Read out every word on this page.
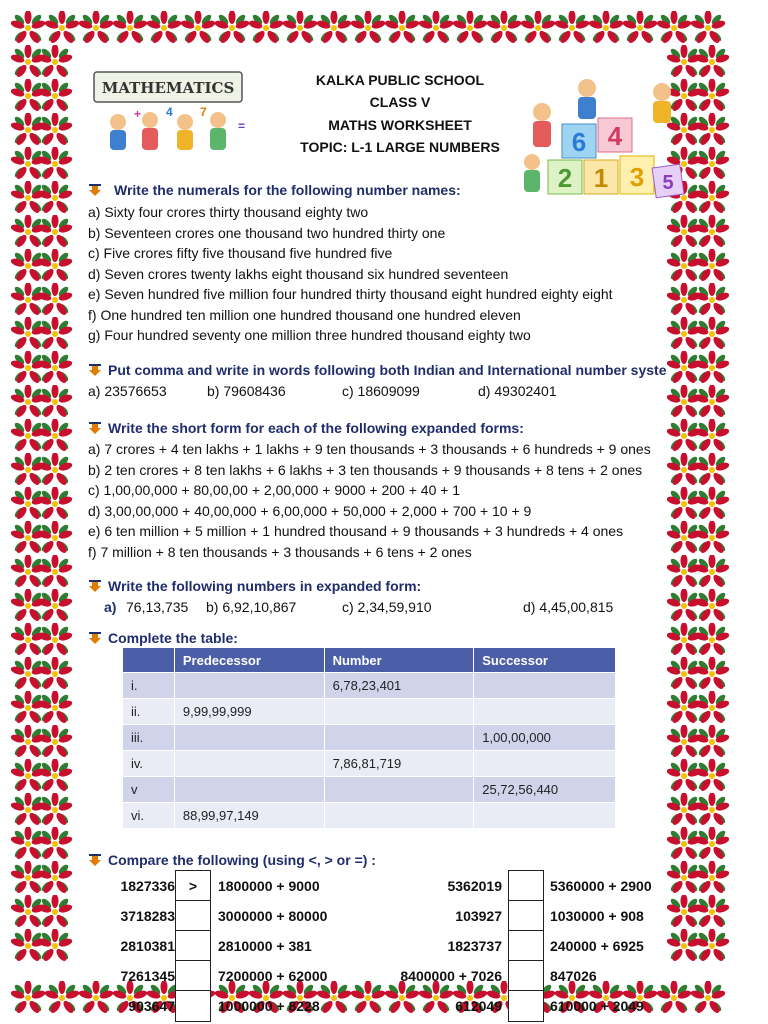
MATHEMATICS
+ 4 7
=
KALKA PUBLIC SCHOOL
CLASS V
MATHS WORKSHEET
TOPIC: L-1 LARGE NUMBERS	6 4
2 1 3 5
Write the numerals for the following number names:
a) Sixty four crores thirty thousand eighty two
b) Seventeen crores one thousand two hundred thirty one
c) Five crores fifty five thousand five hundred five
d) Seven crores twenty lakhs eight thousand six hundred seventeen
e) Seven hundred five million four hundred thirty thousand eight hundred eighty eight
f) One hundred ten million one hundred thousand one hundred eleven
g) Four hundred seventy one million three hundred thousand eighty two
Put comma and write in words following both Indian and International number syste
a) 23576653	b) 79608436	c) 18609099	d) 49302401
Write the short form for each of the following expanded forms:
a) 7 crores + 4 ten lakhs + 1 lakhs + 9 ten thousands + 3 thousands + 6 hundreds + 9 ones
b) 2 ten crores + 8 ten lakhs + 6 lakhs + 3 ten thousands + 9 thousands + 8 tens + 2 ones
c) 1,00,00,000 + 80,00,00 + 2,00,000 + 9000 + 200 + 40 + 1
d) 3,00,00,000 + 40,00,000 + 6,00,000 + 50,000 + 2,000 + 700 + 10 + 9
e) 6 ten million + 5 million + 1 hundred thousand + 9 thousands + 3 hundreds + 4 ones
f) 7 million + 8 ten thousands + 3 thousands + 6 tens + 2 ones
Write the following numbers in expanded form:
a) 76,13,735 b) 6,92,10,867	c) 2,34,59,910	d) 4,45,00,815
Complete the table:
	Predecessor	Number	Successor
i.		6,78,23,401	
ii.	9,99,99,999		
iii.			1,00,00,000
iv.		7,86,81,719	
v			25,72,56,440
vi.	88,99,97,149		
Compare the following (using <, > or =) :
1827336 >	1800000 + 9000
3718283	3000000 + 80000
2810381	2810000 + 381
7261345	7200000 + 62000
903647	1000000 + 8228
5362019	5360000 + 2900
103927	1030000 + 908
1823737	240000 + 6925
8400000 + 7026	847026
612049	610000 + 2049
